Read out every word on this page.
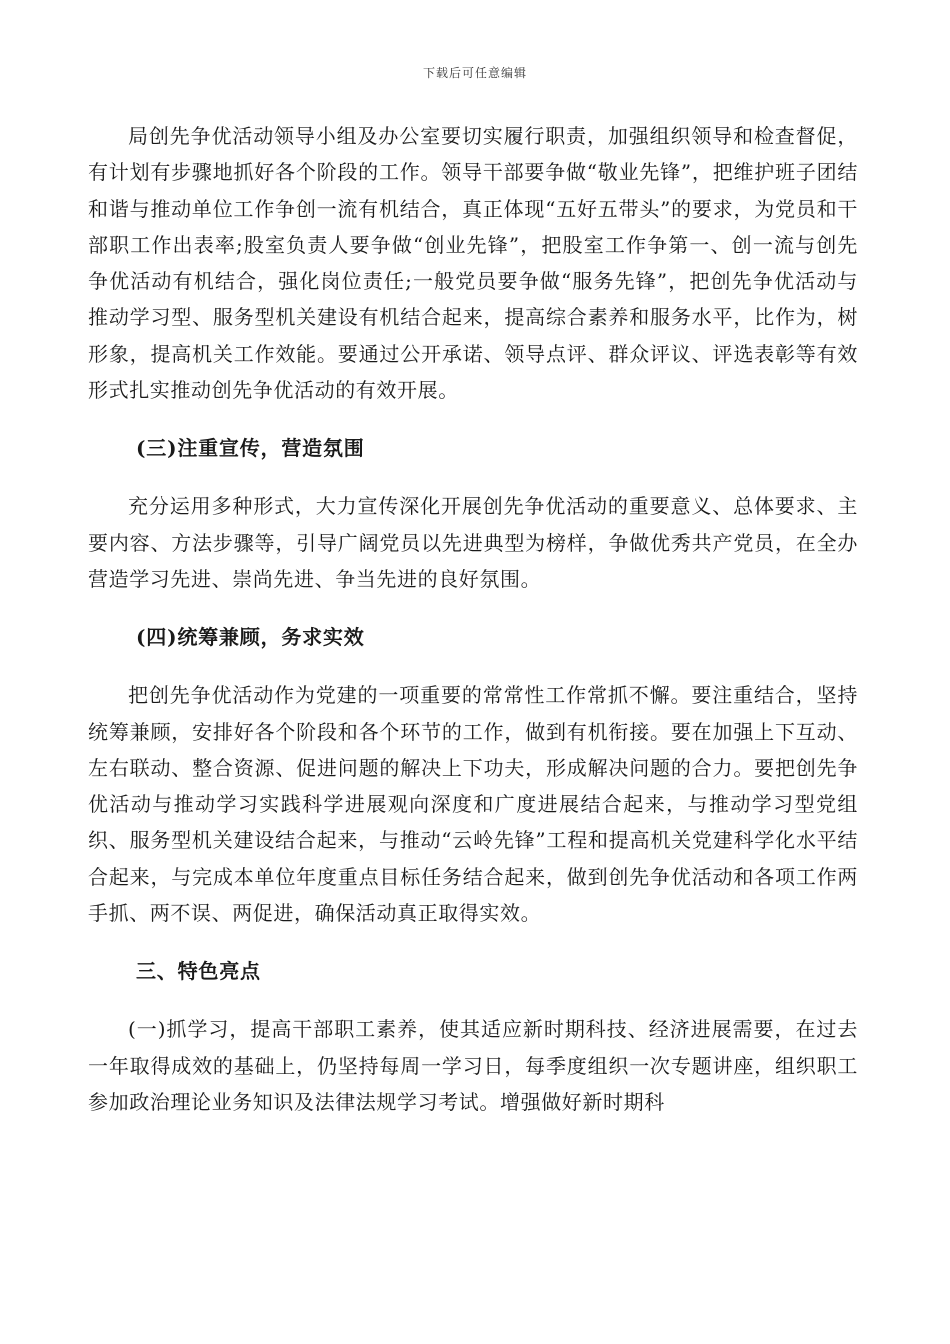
下载后可任意编辑

局创先争优活动领导小组及办公室要切实履行职责，加强组织领导和检查督促，有计划有步骤地抓好各个阶段的工作。领导干部要争做“敬业先锋”，把维护班子团结和谐与推动单位工作争创一流有机结合，真正体现“五好五带头”的要求，为党员和干部职工作出表率;股室负责人要争做“创业先锋”，把股室工作争第一、创一流与创先争优活动有机结合，强化岗位责任;一般党员要争做“服务先锋”，把创先争优活动与推动学习型、服务型机关建设有机结合起来，提高综合素养和服务水平，比作为，树形象，提高机关工作效能。要通过公开承诺、领导点评、群众评议、评选表彰等有效形式扎实推动创先争优活动的有效开展。

(三)注重宣传，营造氛围

充分运用多种形式，大力宣传深化开展创先争优活动的重要意义、总体要求、主要内容、方法步骤等，引导广阔党员以先进典型为榜样，争做优秀共产党员，在全办营造学习先进、崇尚先进、争当先进的良好氛围。

(四)统筹兼顾，务求实效

把创先争优活动作为党建的一项重要的常常性工作常抓不懈。要注重结合，坚持统筹兼顾，安排好各个阶段和各个环节的工作，做到有机衔接。要在加强上下互动、左右联动、整合资源、促进问题的解决上下功夫，形成解决问题的合力。要把创先争优活动与推动学习实践科学进展观向深度和广度进展结合起来，与推动学习型党组织、服务型机关建设结合起来，与推动“云岭先锋”工程和提高机关党建科学化水平结合起来，与完成本单位年度重点目标任务结合起来，做到创先争优活动和各项工作两手抓、两不误、两促进，确保活动真正取得实效。

三、特色亮点

(一)抓学习，提高干部职工素养，使其适应新时期科技、经济进展需要，在过去一年取得成效的基础上，仍坚持每周一学习日，每季度组织一次专题讲座，组织职工参加政治理论业务知识及法律法规学习考试。增强做好新时期科
